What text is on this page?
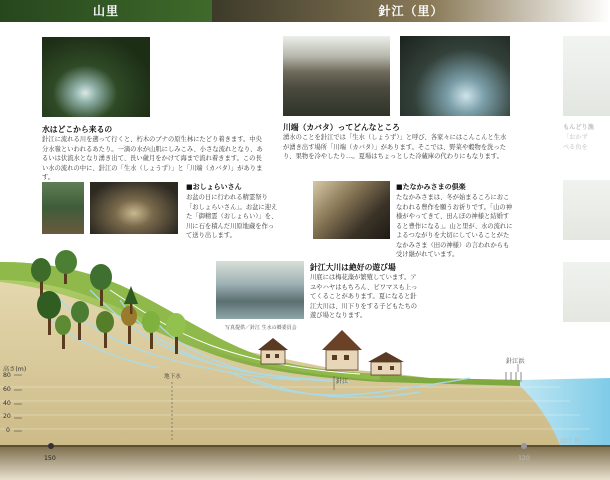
山里	針江（里）
もんどり漁
「おかず
べる魚を
水はどこから来るの
針江に流れる川を遡って行くと、朽木のブナの原生林にたどり着きます。中央分水嶺といわれるあたり。一滴の水が山肌にしみこみ、小さな流れとなり、あるいは伏流水となり湧き出て、長い歳月をかけて海まで流れ着きます。この長い水の流れの中に、針江の「生水（しょうず）」と「川端（カバタ）」があります。
川端（カバタ）ってどんなところ
湧水のことを針江では「生水（しょうず）」と呼び、各家々にはこんこんと生水が湧き出す場所「川端（カバタ）」があります。そこでは、野菜や穀物を洗ったり、果物を冷やしたり…。夏場はちょっとした冷蔵庫の代わりにもなります。
■おしょらいさん
お盆の日に行われる精霊祭り「おしょらいさん」。お盆に迎えた「御精霊（おしょらい）」を、川に石を積んだ川原地蔵を作って送り出します。
■たなかみさまの倶楽
たなかみさまは、冬が始まるころにおこなわれる豊作を願うお祈りです。「山の神様がやってきて、田んぼの神様と結婚すると豊作になる」。山と里が、水の流れによるつながりを大切にしていることがたなかみさま（田の神様）の言われからも受け継がれています。
針江大川は絶好の遊び場
川底には梅花藻が繁殖しています。アユやハヤはもちろん、ビワマスも上ってくることがあります。夏になると針江大川は、川下りをする子どもたちの遊び場となります。
写真提供／針江 生水の郷委員会
高さ(m)
80
60
40
20
0
地下水
針江
針江浜
湖岸 籾
150	120
